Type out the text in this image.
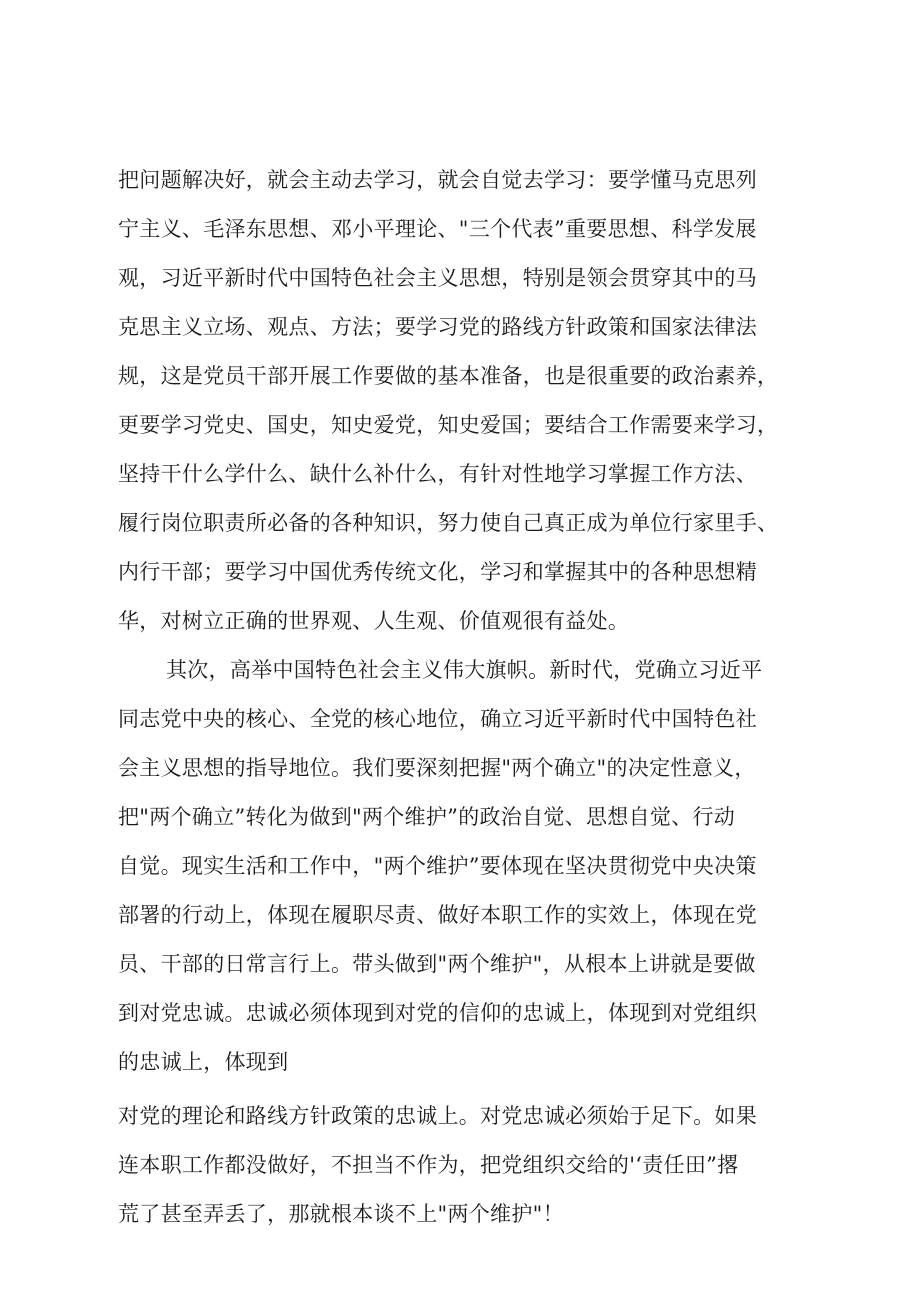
把问题解决好，就会主动去学习，就会自觉去学习：要学懂马克思列
宁主义、毛泽东思想、邓小平理论、"三个代表”重要思想、科学发展
观，习近平新时代中国特色社会主义思想，特别是领会贯穿其中的马
克思主义立场、观点、方法；要学习党的路线方针政策和国家法律法
规，这是党员干部开展工作要做的基本准备，也是很重要的政治素养，
更要学习党史、国史，知史爱党，知史爱国；要结合工作需要来学习，
坚持干什么学什么、缺什么补什么，有针对性地学习掌握工作方法、
履行岗位职责所必备的各种知识，努力使自己真正成为单位行家里手、
内行干部；要学习中国优秀传统文化，学习和掌握其中的各种思想精
华，对树立正确的世界观、人生观、价值观很有益处。
其次，高举中国特色社会主义伟大旗帜。新时代，党确立习近平
同志党中央的核心、全党的核心地位，确立习近平新时代中国特色社
会主义思想的指导地位。我们要深刻把握"两个确立"的决定性意义，
把"两个确立”转化为做到"两个维护”的政治自觉、思想自觉、行动
自觉。现实生活和工作中，"两个维护”要体现在坚决贯彻党中央决策
部署的行动上，体现在履职尽责、做好本职工作的实效上，体现在党
员、干部的日常言行上。带头做到"两个维护"，从根本上讲就是要做
到对党忠诚。忠诚必须体现到对党的信仰的忠诚上，体现到对党组织
的忠诚上，体现到
对党的理论和路线方针政策的忠诚上。对党忠诚必须始于足下。如果
连本职工作都没做好，不担当不作为，把党组织交给的'‘责任田”撂
荒了甚至弄丢了，那就根本谈不上"两个维护"！
